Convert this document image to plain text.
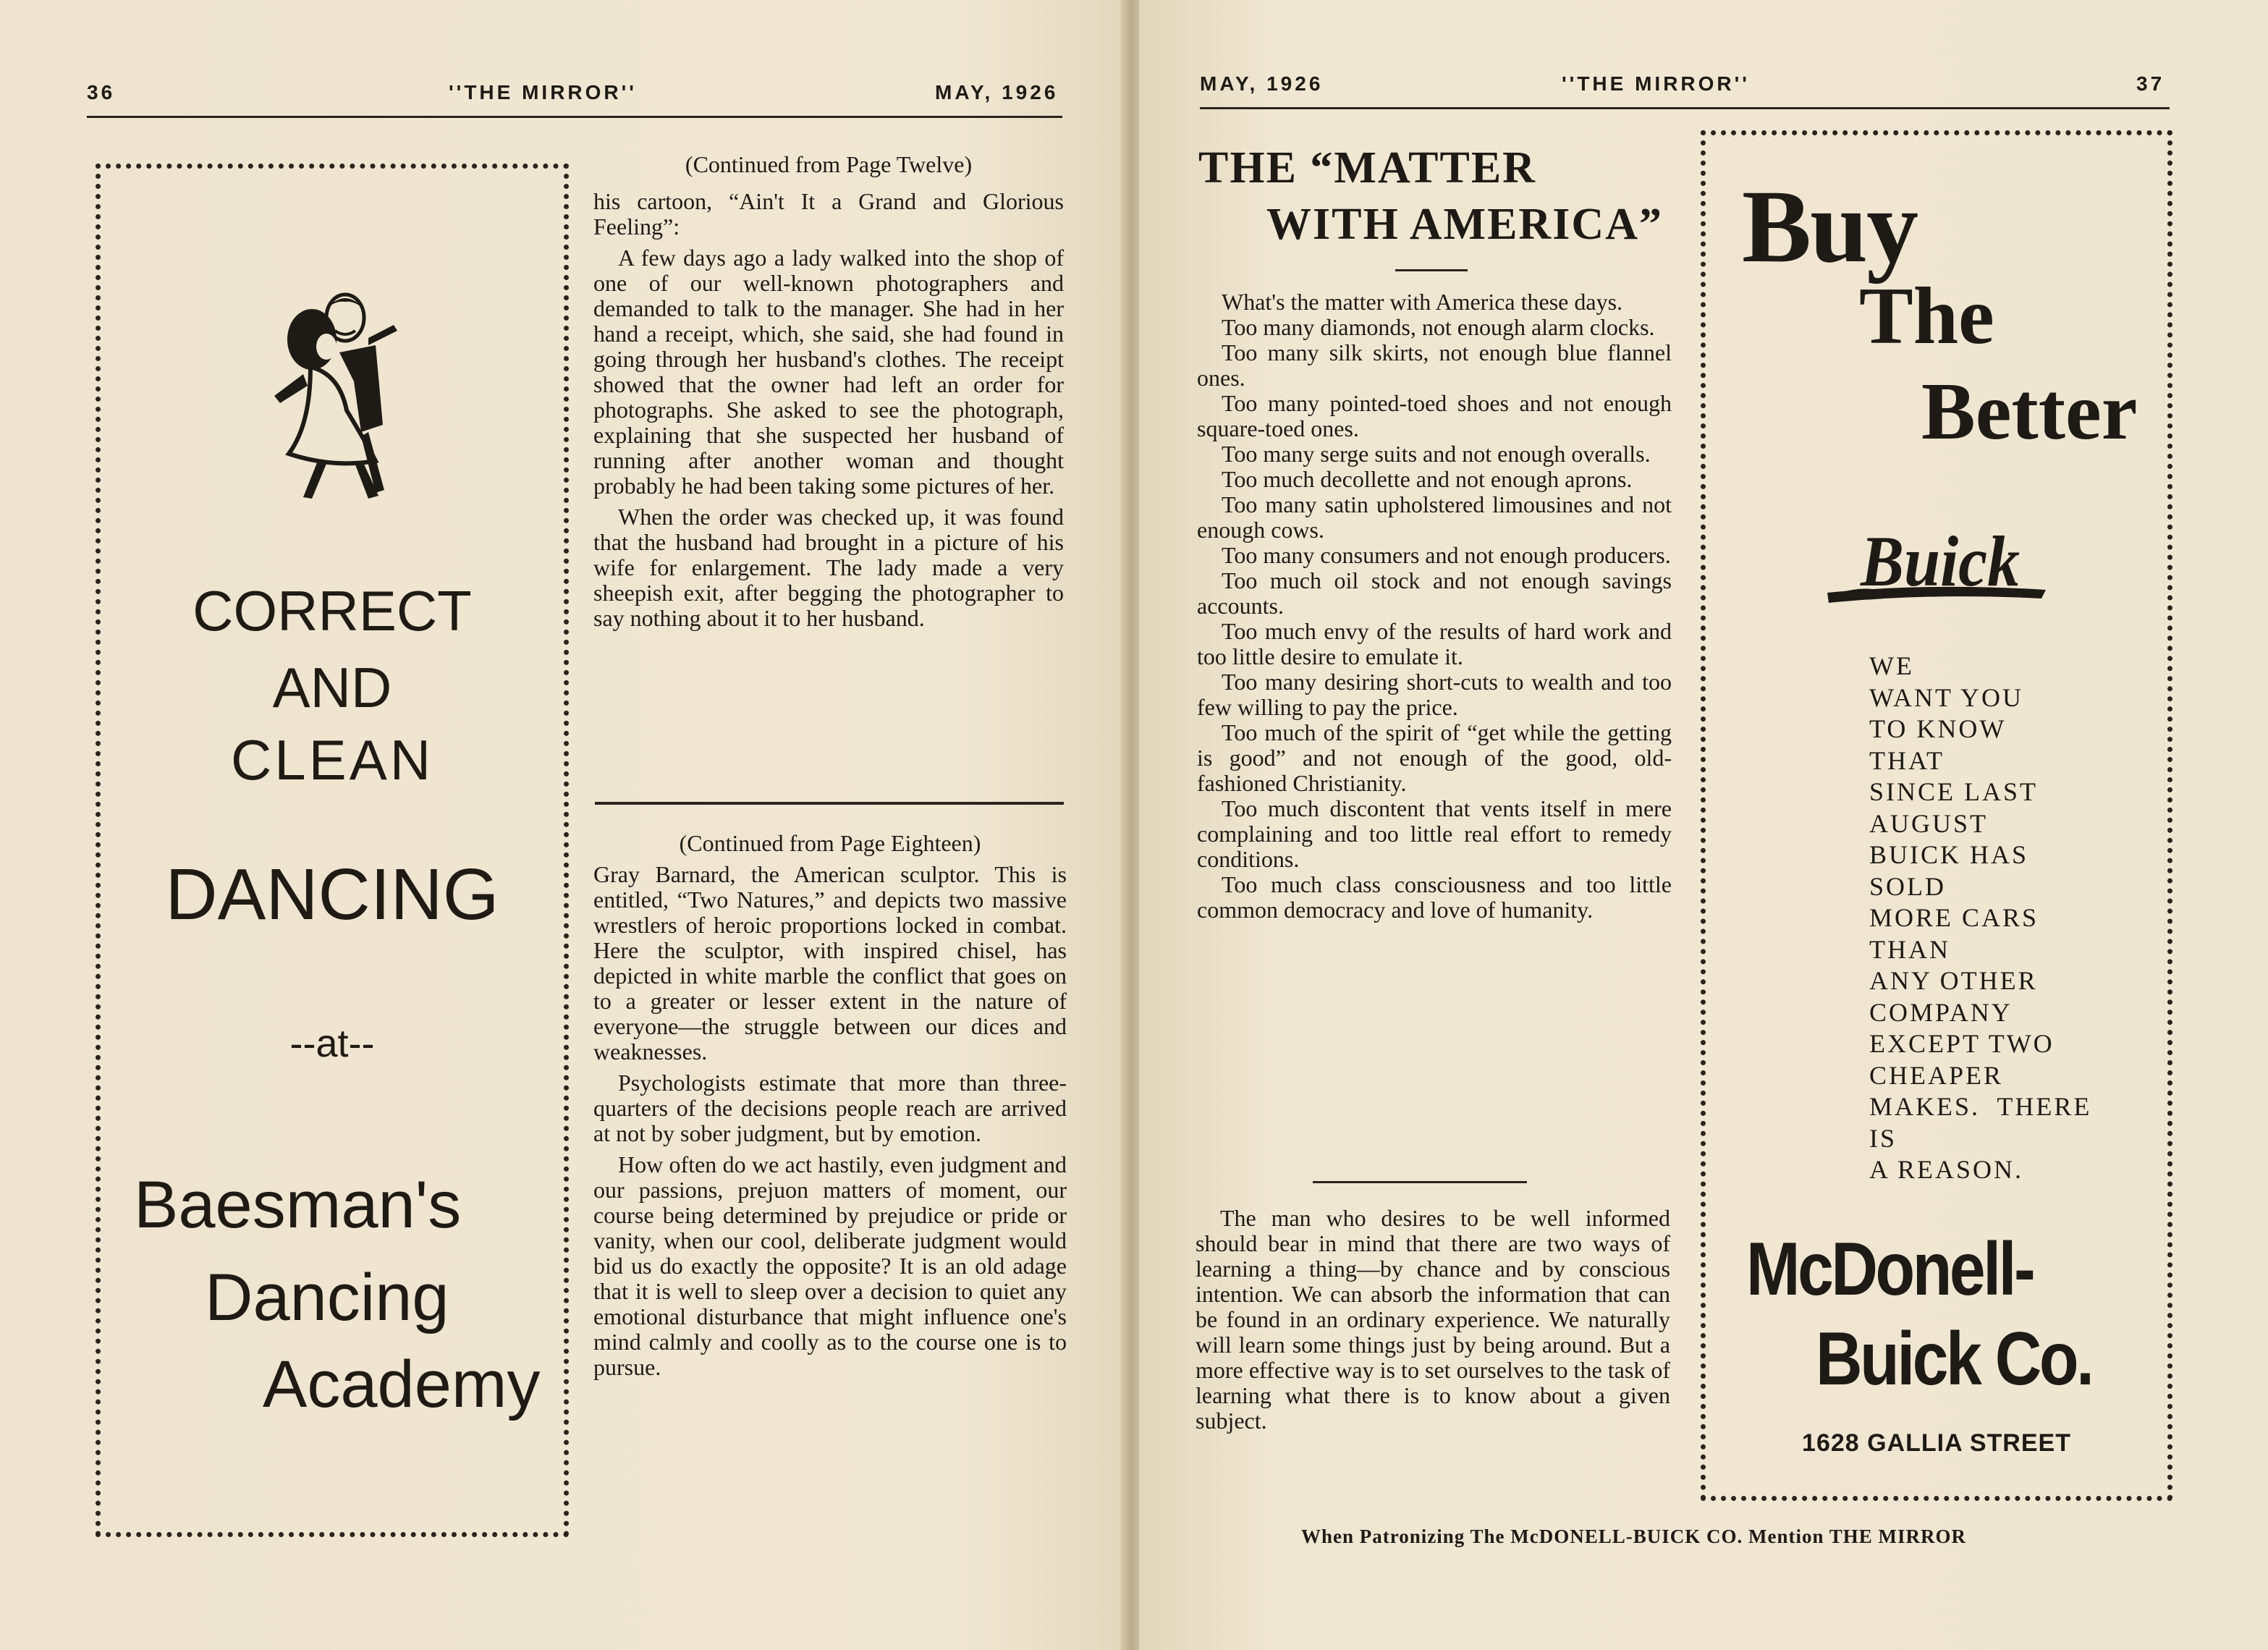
36	''THE MIRROR''	MAY, 1926
CORRECT
AND
CLEAN
DANCING
--at--
Baesman's
Dancing
Academy
(Continued from Page Twelve)

his cartoon, “Ain't It a Grand and Glorious Feeling”:

A few days ago a lady walked into the shop of one of our well-known photographers and demanded to talk to the manager. She had in her hand a receipt, which, she said, she had found in going through her husband's clothes. The receipt showed that the owner had left an order for photographs. She asked to see the photograph, explaining that she suspected her husband of running after another woman and thought probably he had been taking some pictures of her.

When the order was checked up, it was found that the husband had brought in a picture of his wife for enlargement. The lady made a very sheepish exit, after begging the photographer to say nothing about it to her husband.

(Continued from Page Eighteen)

Gray Barnard, the American sculptor. This is entitled, “Two Natures,” and depicts two massive wrestlers of heroic proportions locked in combat. Here the sculptor, with inspired chisel, has depicted in white marble the conflict that goes on to a greater or lesser extent in the nature of everyone—the struggle between our dices and weaknesses.

Psychologists estimate that more than three-quarters of the decisions people reach are arrived at not by sober judgment, but by emotion.

How often do we act hastily, even judgment and our passions, prejuon matters of moment, our course being determined by prejudice or pride or vanity, when our cool, deliberate judgment would bid us do exactly the opposite? It is an old adage that it is well to sleep over a decision to quiet any emotional disturbance that might influence one's mind calmly and coolly as to the course one is to pursue.

MAY, 1926	''THE MIRROR''	37
THE “MATTER
WITH AMERICA”

What's the matter with America these days.

Too many diamonds, not enough alarm clocks.

Too many silk skirts, not enough blue flannel ones.

Too many pointed-toed shoes and not enough square-toed ones.

Too many serge suits and not enough overalls.

Too much decollette and not enough aprons.

Too many satin upholstered limousines and not enough cows.

Too many consumers and not enough producers.

Too much oil stock and not enough savings accounts.

Too much envy of the results of hard work and too little desire to emulate it.

Too many desiring short-cuts to wealth and too few willing to pay the price.

Too much of the spirit of “get while the getting is good” and not enough of the good, old-fashioned Christianity.

Too much discontent that vents itself in mere complaining and too little real effort to remedy conditions.

Too much class consciousness and too little common democracy and love of humanity.

The man who desires to be well informed should bear in mind that there are two ways of learning a thing—by chance and by conscious intention. We can absorb the information that can be found in an ordinary experience. We naturally will learn some things just by being around. But a more effective way is to set ourselves to the task of learning what there is to know about a given subject.

Buy
The
Better
Buick
WE
WANT YOU
TO KNOW
THAT
SINCE LAST
AUGUST
BUICK HAS
SOLD
MORE CARS
THAN
ANY OTHER
COMPANY
EXCEPT TWO
CHEAPER
MAKES.  THERE
IS
A REASON.
McDonell-
Buick Co.
1628 GALLIA STREET
When Patronizing The McDONELL-BUICK CO. Mention THE MIRROR
